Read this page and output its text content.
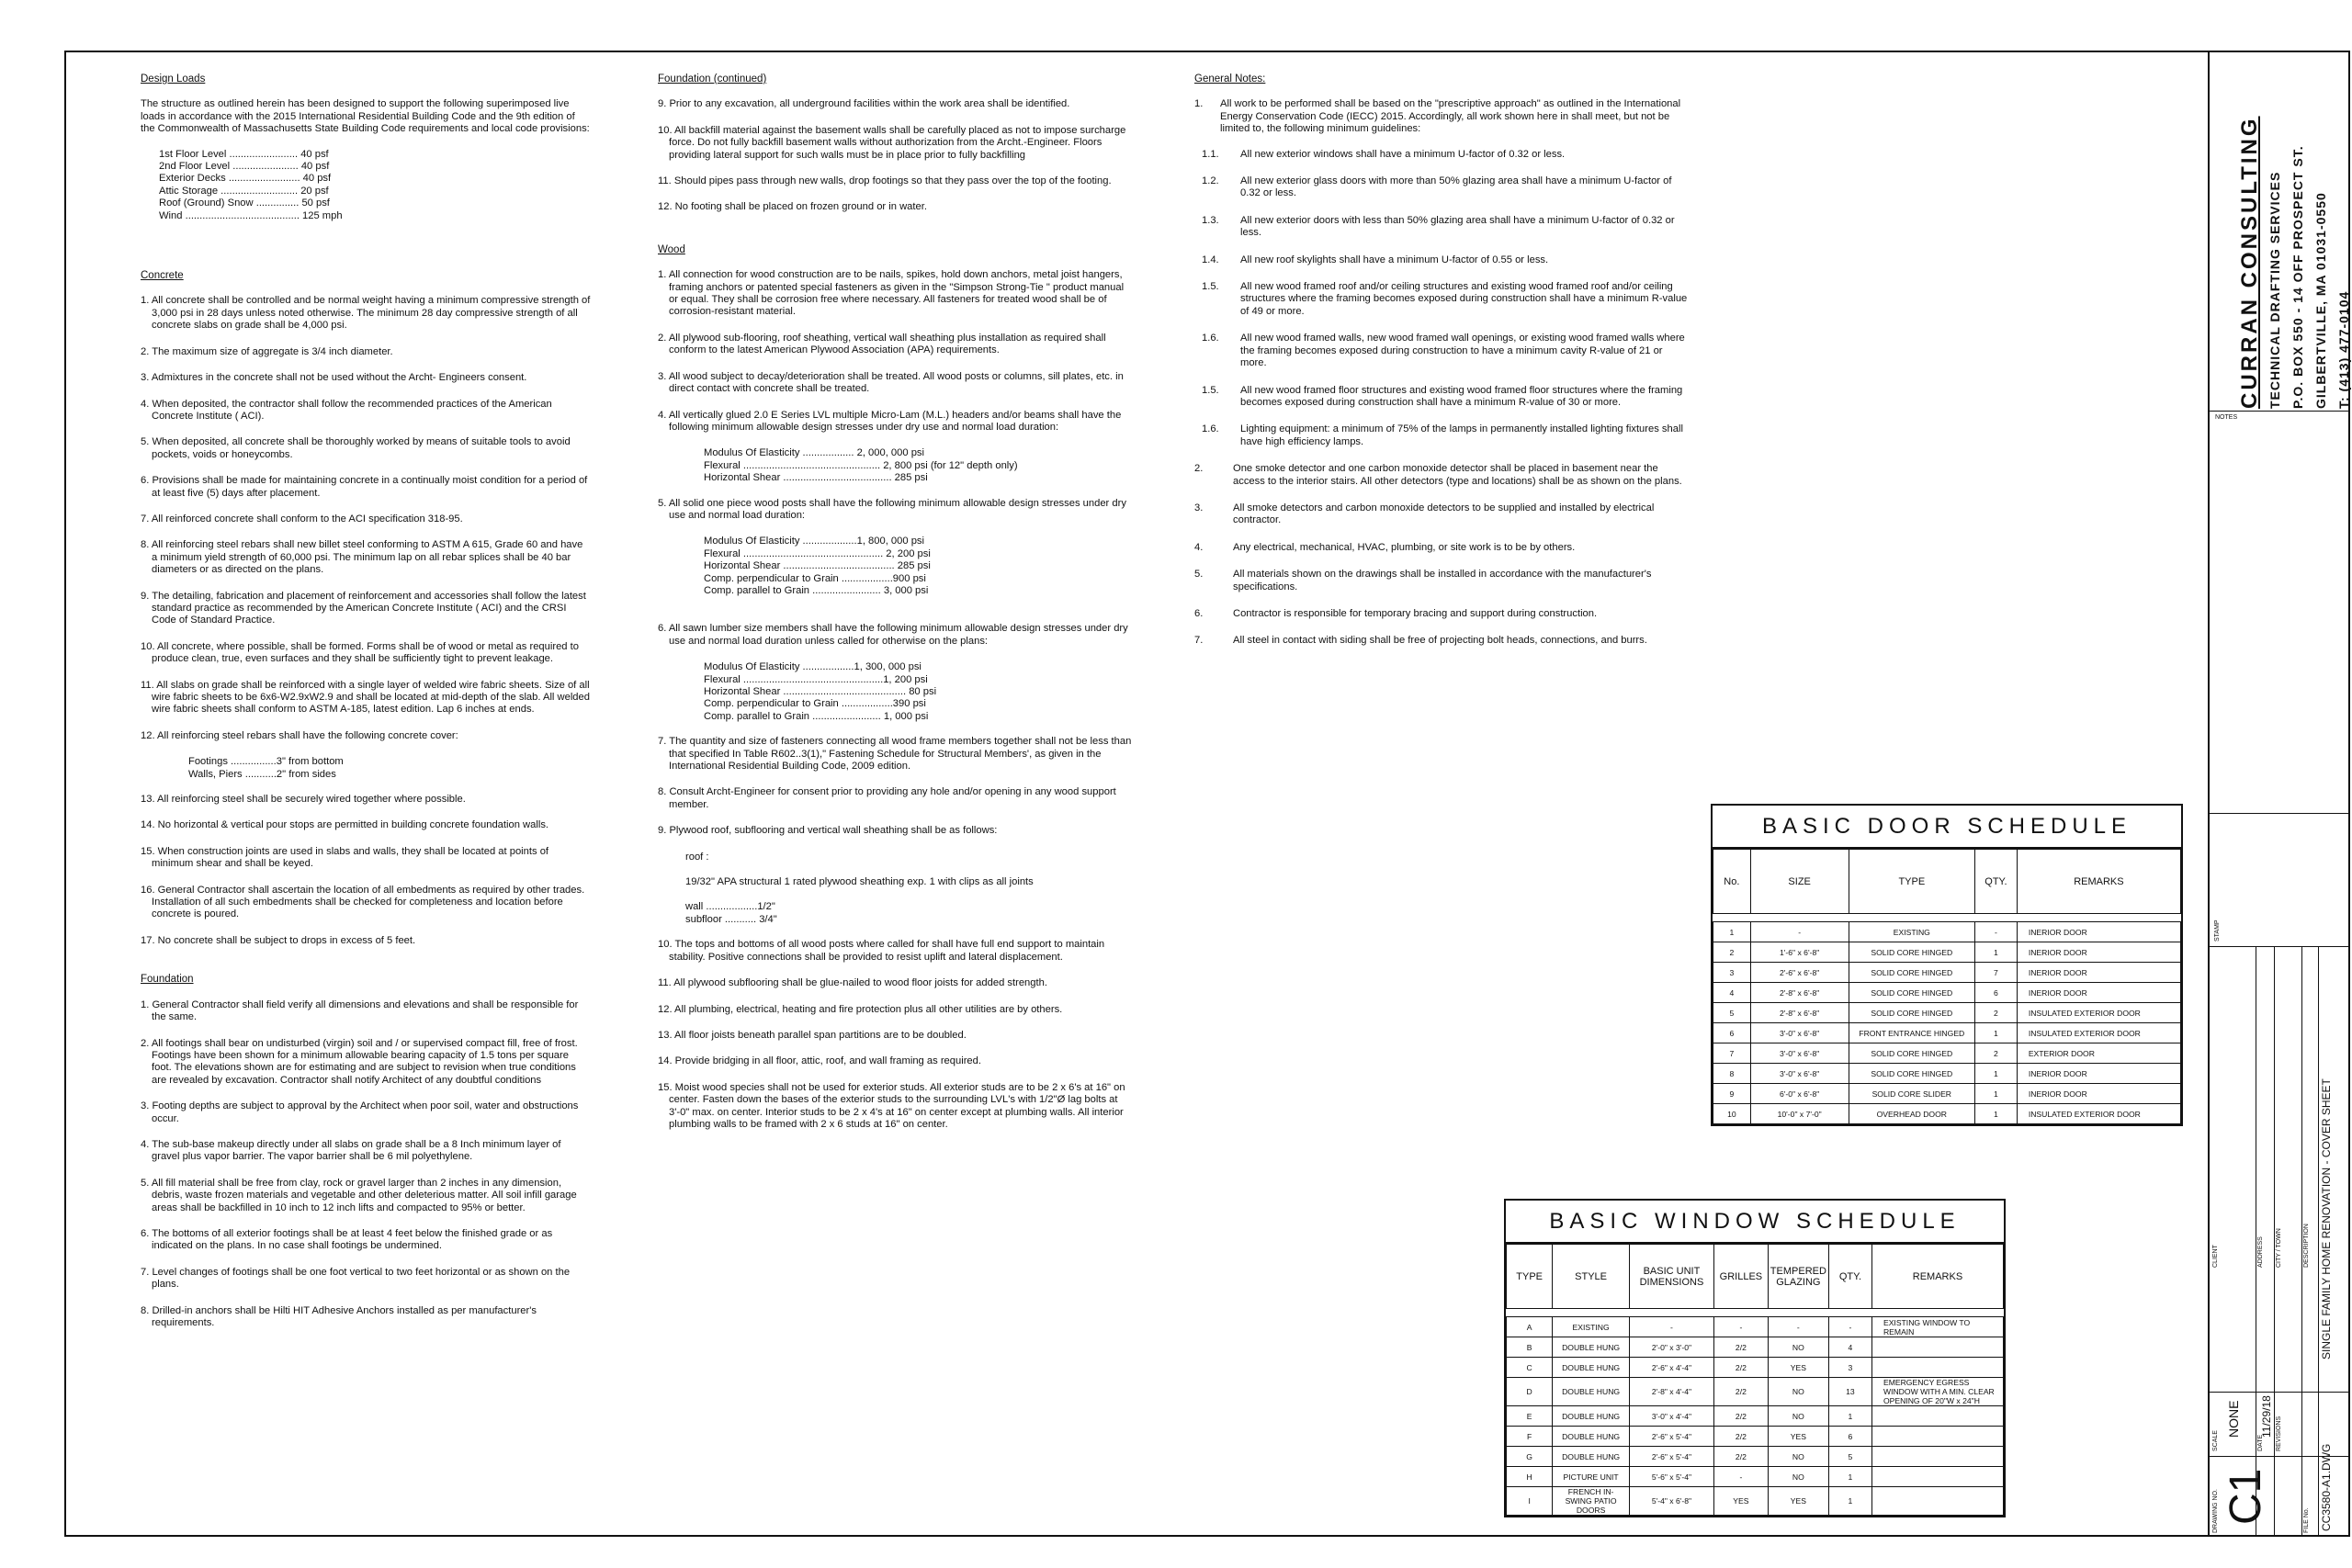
Design Loads

The structure as outlined herein has been designed to support the following superimposed live loads in accordance with the 2015 International Residential Building Code and the 9th edition of the Commonwealth of Massachusetts State Building Code requirements and local code provisions:

1st Floor Level ........................ 40 psf
2nd Floor Level ....................... 40 psf
Exterior Decks ......................... 40 psf
Attic Storage ........................... 20 psf
Roof (Ground) Snow ............... 50 psf
Wind ........................................ 125 mph
Concrete
1. All concrete shall be controlled and be normal weight having a minimum compressive strength of 3,000 psi in 28 days unless noted otherwise. The minimum 28 day compressive strength of all concrete slabs on grade shall be 4,000 psi.
2. The maximum size of aggregate is 3/4 inch diameter.
3. Admixtures in the concrete shall not be used without the Archt- Engineers consent.
4. When deposited, the contractor shall follow the recommended practices of the American Concrete Institute ( ACI).
5. When deposited, all concrete shall be thoroughly worked by means of suitable tools to avoid pockets, voids or honeycombs.
6. Provisions shall be made for maintaining concrete in a continually moist condition for a period of at least five (5) days after placement.
7. All reinforced concrete shall conform to the ACI specification 318-95.
8. All reinforcing steel rebars shall new billet steel conforming to ASTM A 615, Grade 60 and have a minimum yield strength of 60,000 psi. The minimum lap on all rebar splices shall be 40 bar diameters or as directed on the plans.
9. The detailing, fabrication and placement of reinforcement and accessories shall follow the latest standard practice as recommended by the American Concrete Institute ( ACI) and the CRSI Code of Standard Practice.
10. All concrete, where possible, shall be formed. Forms shall be of wood or metal as required to produce clean, true, even surfaces and they shall be sufficiently tight to prevent leakage.
11. All slabs on grade shall be reinforced with a single layer of welded wire fabric sheets. Size of all wire fabric sheets to be 6x6-W2.9xW2.9 and shall be located at mid-depth of the slab. All welded wire fabric sheets shall conform to ASTM A-185, latest edition. Lap 6 inches at ends.
12. All reinforcing steel rebars shall have the following concrete cover:
Footings ................3" from bottom
Walls, Piers ...........2" from sides
13. All reinforcing steel shall be securely wired together where possible.
14. No horizontal & vertical pour stops are permitted in building concrete foundation walls.
15. When construction joints are used in slabs and walls, they shall be located at points of minimum shear and shall be keyed.
16. General Contractor shall ascertain the location of all embedments as required by other trades. Installation of all such embedments shall be checked for completeness and location before concrete is poured.
17. No concrete shall be subject to drops in excess of 5 feet.
Foundation
1. General Contractor shall field verify all dimensions and elevations and shall be responsible for the same.
2. All footings shall bear on undisturbed (virgin) soil and / or supervised compact fill, free of frost. Footings have been shown for a minimum allowable bearing capacity of 1.5 tons per square foot. The elevations shown are for estimating and are subject to revision when true conditions are revealed by excavation. Contractor shall notify Architect of any doubtful conditions
3. Footing depths are subject to approval by the Architect when poor soil, water and obstructions occur.
4. The sub-base makeup directly under all slabs on grade shall be a 8 Inch minimum layer of gravel plus vapor barrier. The vapor barrier shall be 6 mil polyethylene.
5. All fill material shall be free from clay, rock or gravel larger than 2 inches in any dimension, debris, waste frozen materials and vegetable and other deleterious matter. All soil infill garage areas shall be backfilled in 10 inch to 12 inch lifts and compacted to 95% or better.
6. The bottoms of all exterior footings shall be at least 4 feet below the finished grade or as indicated on the plans. In no case shall footings be undermined.
7. Level changes of footings shall be one foot vertical to two feet horizontal or as shown on the plans.
8. Drilled-in anchors shall be Hilti HIT Adhesive Anchors installed as per manufacturer's requirements.
Foundation (continued)
9. Prior to any excavation, all underground facilities within the work area shall be identified.
10. All backfill material against the basement walls shall be carefully placed as not to impose surcharge force. Do not fully backfill basement walls without authorization from the Archt.-Engineer. Floors providing lateral support for such walls must be in place prior to fully backfilling
11. Should pipes pass through new walls, drop footings so that they pass over the top of the footing.
12. No footing shall be placed on frozen ground or in water.
Wood
1. All connection for wood construction are to be nails, spikes, hold down anchors, metal joist hangers, framing anchors or patented special fasteners as given in the "Simpson Strong-Tie " product manual or equal. They shall be corrosion free where necessary. All fasteners for treated wood shall be of corrosion-resistant material.
2. All plywood sub-flooring, roof sheathing, vertical wall sheathing plus installation as required shall conform to the latest American Plywood Association (APA) requirements.
3. All wood subject to decay/deterioration shall be treated. All wood posts or columns, sill plates, etc. in direct contact with concrete shall be treated.
4. All vertically glued 2.0 E Series LVL multiple Micro-Lam (M.L.) headers and/or beams shall have the following minimum allowable design stresses under dry use and normal load duration:
Modulus Of Elasticity .................. 2, 000, 000 psi
Flexural ................................................ 2, 800 psi (for 12" depth only)
Horizontal Shear ...................................... 285 psi
5. All solid one piece wood posts shall have the following minimum allowable design stresses under dry use and normal load duration:
Modulus Of Elasticity ...................1, 800, 000 psi
Flexural ................................................. 2, 200 psi
Horizontal Shear ....................................... 285 psi
Comp. perpendicular to Grain ..................900 psi
Comp. parallel to Grain ........................ 3, 000 psi
6. All sawn lumber size members shall have the following minimum allowable design stresses under dry use and normal load duration unless called for otherwise on the plans:
Modulus Of Elasticity ..................1, 300, 000 psi
Flexural .................................................1, 200 psi
Horizontal Shear ........................................... 80 psi
Comp. perpendicular to Grain ..................390 psi
Comp. parallel to Grain ........................ 1, 000 psi
7. The quantity and size of fasteners connecting all wood frame members together shall not be less than that specified In Table R602..3(1)," Fastening Schedule for Structural Members', as given in the International Residential Building Code, 2009 edition.
8. Consult Archt-Engineer for consent prior to providing any hole and/or opening in any wood support member.
9. Plywood roof, subflooring and vertical wall sheathing shall be as follows:

roof :

19/32" APA structural 1 rated plywood sheathing exp. 1 with clips as all joints

wall ..................1/2"
subfloor ........... 3/4"
10. The tops and bottoms of all wood posts where called for shall have full end support to maintain stability. Positive connections shall be provided to resist uplift and lateral displacement.
11. All plywood subflooring shall be glue-nailed to wood floor joists for added strength.
12. All plumbing, electrical, heating and fire protection plus all other utilities are by others.
13. All floor joists beneath parallel span partitions are to be doubled.
14. Provide bridging in all floor, attic, roof, and wall framing as required.
15. Moist wood species shall not be used for exterior studs. All exterior studs are to be 2 x 6's at 16" on center. Fasten down the bases of the exterior studs to the surrounding LVL's with 1/2"Ø lag bolts at 3'-0" max. on center. Interior studs to be 2 x 4's at 16" on center except at plumbing walls. All interior plumbing walls to be framed with 2 x 6 studs at 16" on center.
General Notes:
1.	All work to be performed shall be based on the "prescriptive approach" as outlined in the International Energy Conservation Code (IECC) 2015. Accordingly, all work shown here in shall meet, but not be limited to, the following minimum guidelines:
1.1.	All new exterior windows shall have a minimum U-factor of 0.32 or less.
1.2.	All new exterior glass doors with more than 50% glazing area shall have a minimum U-factor of 0.32 or less.
1.3.	All new exterior doors with less than 50% glazing area shall have a minimum U-factor of 0.32 or less.
1.4.	All new roof skylights shall have a minimum U-factor of 0.55 or less.
1.5.	All new wood framed roof and/or ceiling structures and existing wood framed roof and/or ceiling structures where the framing becomes exposed during construction shall have a minimum R-value of 49 or more.
1.6.	All new wood framed walls, new wood framed wall openings, or existing wood framed walls where the framing becomes exposed during construction to have a minimum cavity R-value of 21 or more.
1.5.	All new wood framed floor structures and existing wood framed floor structures where the framing becomes exposed during construction shall have a minimum R-value of 30 or more.
1.6.	Lighting equipment: a minimum of 75% of the lamps in permanently installed lighting fixtures shall have high efficiency lamps.
2.	One smoke detector and one carbon monoxide detector shall be placed in basement near the access to the interior stairs. All other detectors (type and locations) shall be as shown on the plans.
3.	All smoke detectors and carbon monoxide detectors to be supplied and installed by electrical contractor.
4.	Any electrical, mechanical, HVAC, plumbing, or site work is to be by others.
5.	All materials shown on the drawings shall be installed in accordance with the manufacturer's specifications.
6.	Contractor is responsible for temporary bracing and support during construction.
7.	All steel in contact with siding shall be free of projecting bolt heads, connections, and burrs.
BASIC DOOR SCHEDULE
No.	SIZE	TYPE	QTY.	REMARKS

1	-	EXISTING	-	INERIOR DOOR
2	1'-6" x 6'-8"	SOLID CORE HINGED	1	INERIOR DOOR
3	2'-6" x 6'-8"	SOLID CORE HINGED	7	INERIOR DOOR
4	2'-8" x 6'-8"	SOLID CORE HINGED	6	INERIOR DOOR
5	2'-8" x 6'-8"	SOLID CORE HINGED	2	INSULATED EXTERIOR DOOR
6	3'-0" x 6'-8"	FRONT ENTRANCE HINGED	1	INSULATED EXTERIOR DOOR
7	3'-0" x 6'-8"	SOLID CORE HINGED	2	EXTERIOR DOOR
8	3'-0" x 6'-8"	SOLID CORE HINGED	1	INERIOR DOOR
9	6'-0" x 6'-8"	SOLID CORE SLIDER	1	INERIOR DOOR
10	10'-0" x 7'-0"	OVERHEAD DOOR	1	INSULATED EXTERIOR DOOR
BASIC WINDOW SCHEDULE
TYPE	STYLE	BASIC UNIT DIMENSIONS	GRILLES	TEMPERED GLAZING	QTY.	REMARKS

A	EXISTING	-	-	-	-	EXISTING WINDOW TO REMAIN
B	DOUBLE HUNG	2'-0" x 3'-0"	2/2	NO	4	
C	DOUBLE HUNG	2'-6" x 4'-4"	2/2	YES	3	
D	DOUBLE HUNG	2'-8" x 4'-4"	2/2	NO	13	EMERGENCY EGRESS WINDOW WITH A MIN. CLEAR OPENING OF 20"W x 24"H
E	DOUBLE HUNG	3'-0" x 4'-4"	2/2	NO	1	
F	DOUBLE HUNG	2'-6" x 5'-4"	2/2	YES	6	
G	DOUBLE HUNG	2'-6" x 5'-4"	2/2	NO	5	
H	PICTURE UNIT	5'-6" x 5'-4"	-	NO	1	
I	FRENCH IN-SWING PATIO DOORS	5'-4" x 6'-8"	YES	YES	1	
CURRAN CONSULTING TECHNICAL DRAFTING SERVICES P.O. BOX 550 - 14 OFF PROSPECT ST. GILBERTVILLE, MA 01031-0550 T: (413) 477-0104
NOTES
STAMP
CLIENT	ADDRESS CITY / TOWN	DESCRIPTION SINGLE FAMILY HOME RENOVATION - COVER SHEET
SCALE
NONE
DATE
11/29/18 REVISIONS
DRAWING NO. C1	FILE No. CC3580-A1.DWG
